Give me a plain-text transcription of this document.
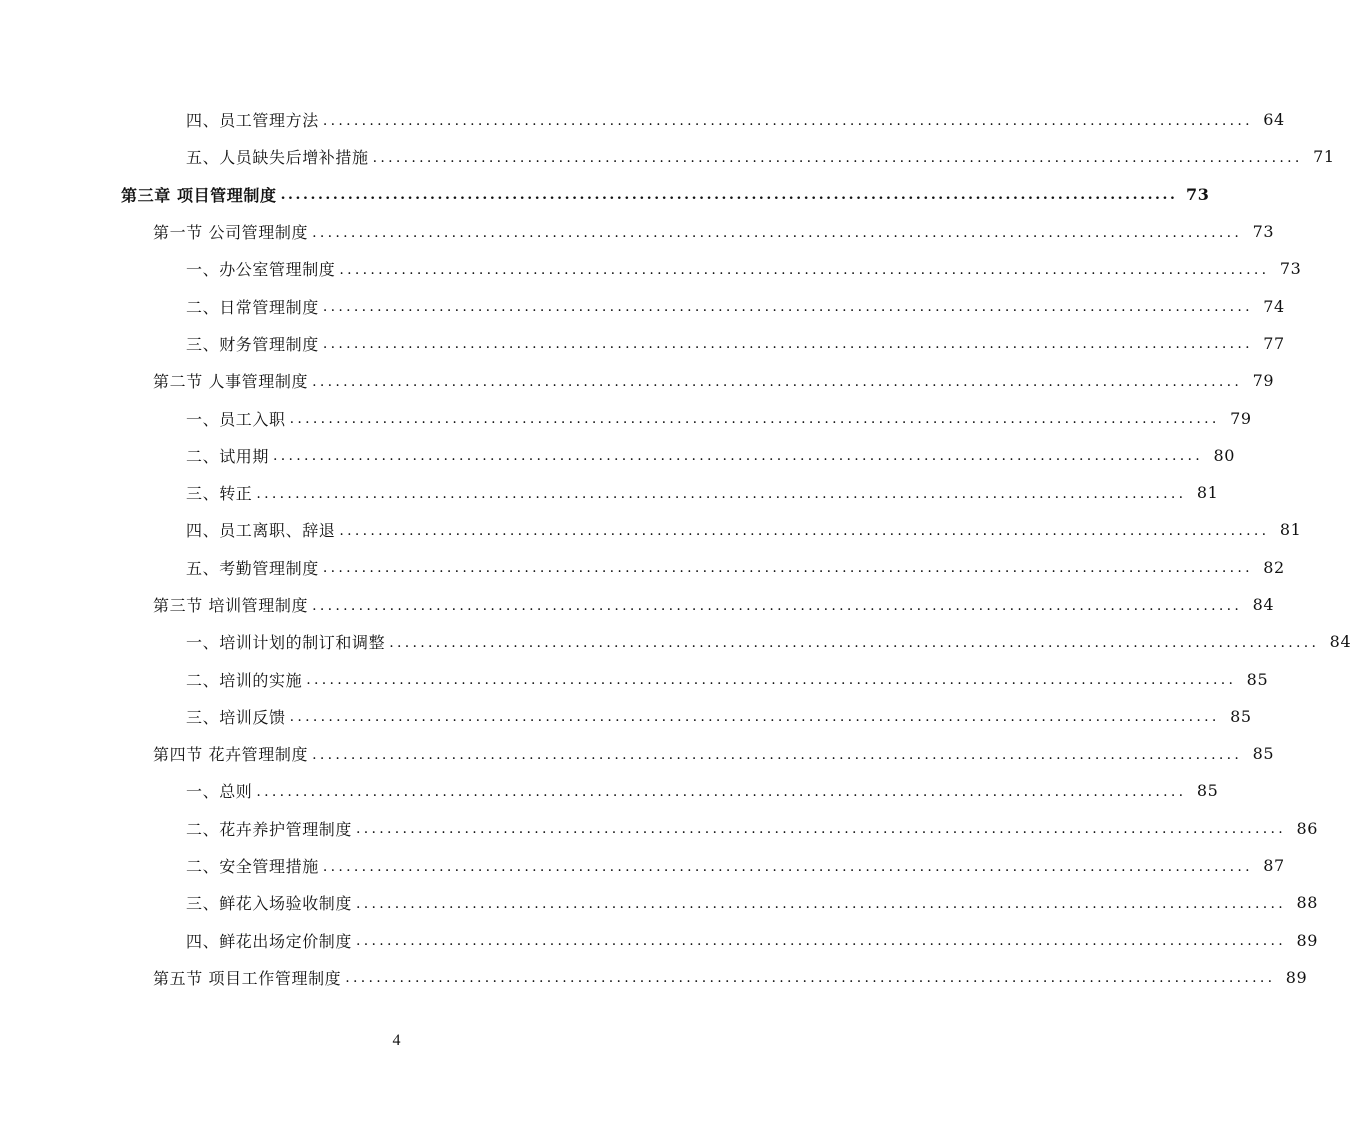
四、员工管理方法 ........................................................................................................................ 64
五、人员缺失后增补措施 ........................................................................................................................ 71
第三章 项目管理制度 ........................................................................................................................ 73
第一节 公司管理制度 ........................................................................................................................ 73
一、办公室管理制度 ........................................................................................................................ 73
二、日常管理制度 ........................................................................................................................ 74
三、财务管理制度 ........................................................................................................................ 77
第二节 人事管理制度 ........................................................................................................................ 79
一、员工入职 ........................................................................................................................ 79
二、试用期 ........................................................................................................................ 80
三、转正 ........................................................................................................................ 81
四、员工离职、辞退 ........................................................................................................................ 81
五、考勤管理制度 ........................................................................................................................ 82
第三节 培训管理制度 ........................................................................................................................ 84
一、培训计划的制订和调整 ........................................................................................................................ 84
二、培训的实施 ........................................................................................................................ 85
三、培训反馈 ........................................................................................................................ 85
第四节 花卉管理制度 ........................................................................................................................ 85
一、总则 ........................................................................................................................ 85
二、花卉养护管理制度 ........................................................................................................................ 86
二、安全管理措施 ........................................................................................................................ 87
三、鲜花入场验收制度 ........................................................................................................................ 88
四、鲜花出场定价制度 ........................................................................................................................ 89
第五节 项目工作管理制度 ........................................................................................................................ 89
4
